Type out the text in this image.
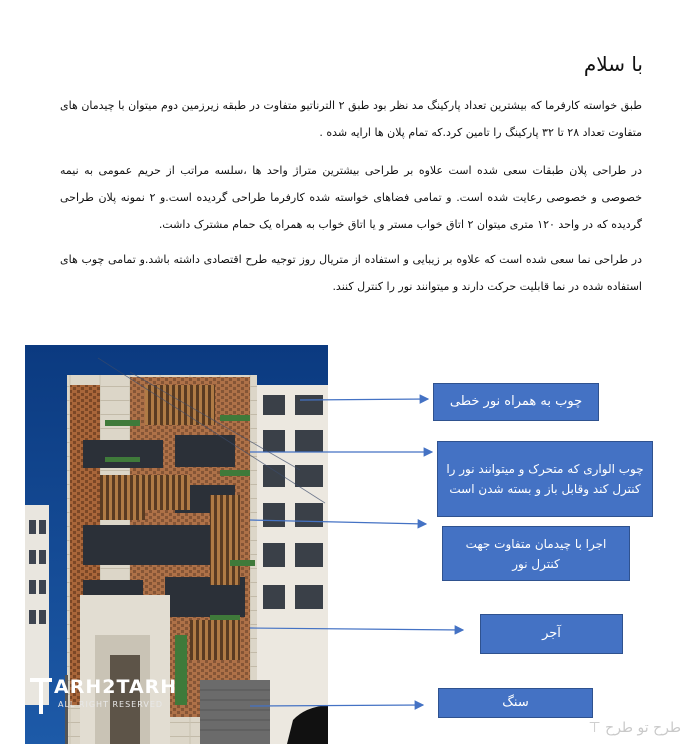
با سلام

طبق خواسته کارفرما که بیشترین تعداد پارکینگ مد نظر بود طبق ۲ الترناتیو متفاوت در طبقه زیرزمین دوم میتوان با چیدمان های متفاوت تعداد ۲۸ تا ۳۲ پارکینگ را تامین کرد.که تمام پلان ها ارایه شده .

در طراحی پلان طبقات سعی شده است علاوه بر طراحی بیشترین متراژ واحد ها ،سلسه مراتب از حریم عمومی به نیمه خصوصی و خصوصی رعایت شده است. و تمامی فضاهای خواسته شده کارفرما طراحی گردیده است.و ۲ نمونه پلان طراحی گردیده که در واحد ۱۲۰ متری میتوان ۲ اتاق خواب مستر و یا اتاق خواب به همراه یک حمام مشترک داشت.

در طراحی نما سعی شده است که علاوه بر زیبایی و استفاده از متریال روز توجیه طرح اقتصادی داشته باشد.و تمامی چوب های استفاده شده در نما قابلیت حرکت دارند و میتوانند نور را کنترل کنند.

چوب به همراه نور خطی
چوب الواری که متحرک و میتوانند نور را کنترل کند وقابل باز و بسته شدن است
اجرا با چیدمان متفاوت جهت کنترل نور
آجر
سنگ
ARH2TARH
ALL RIGHT RESERVED
طرح تو طرح ⊤
